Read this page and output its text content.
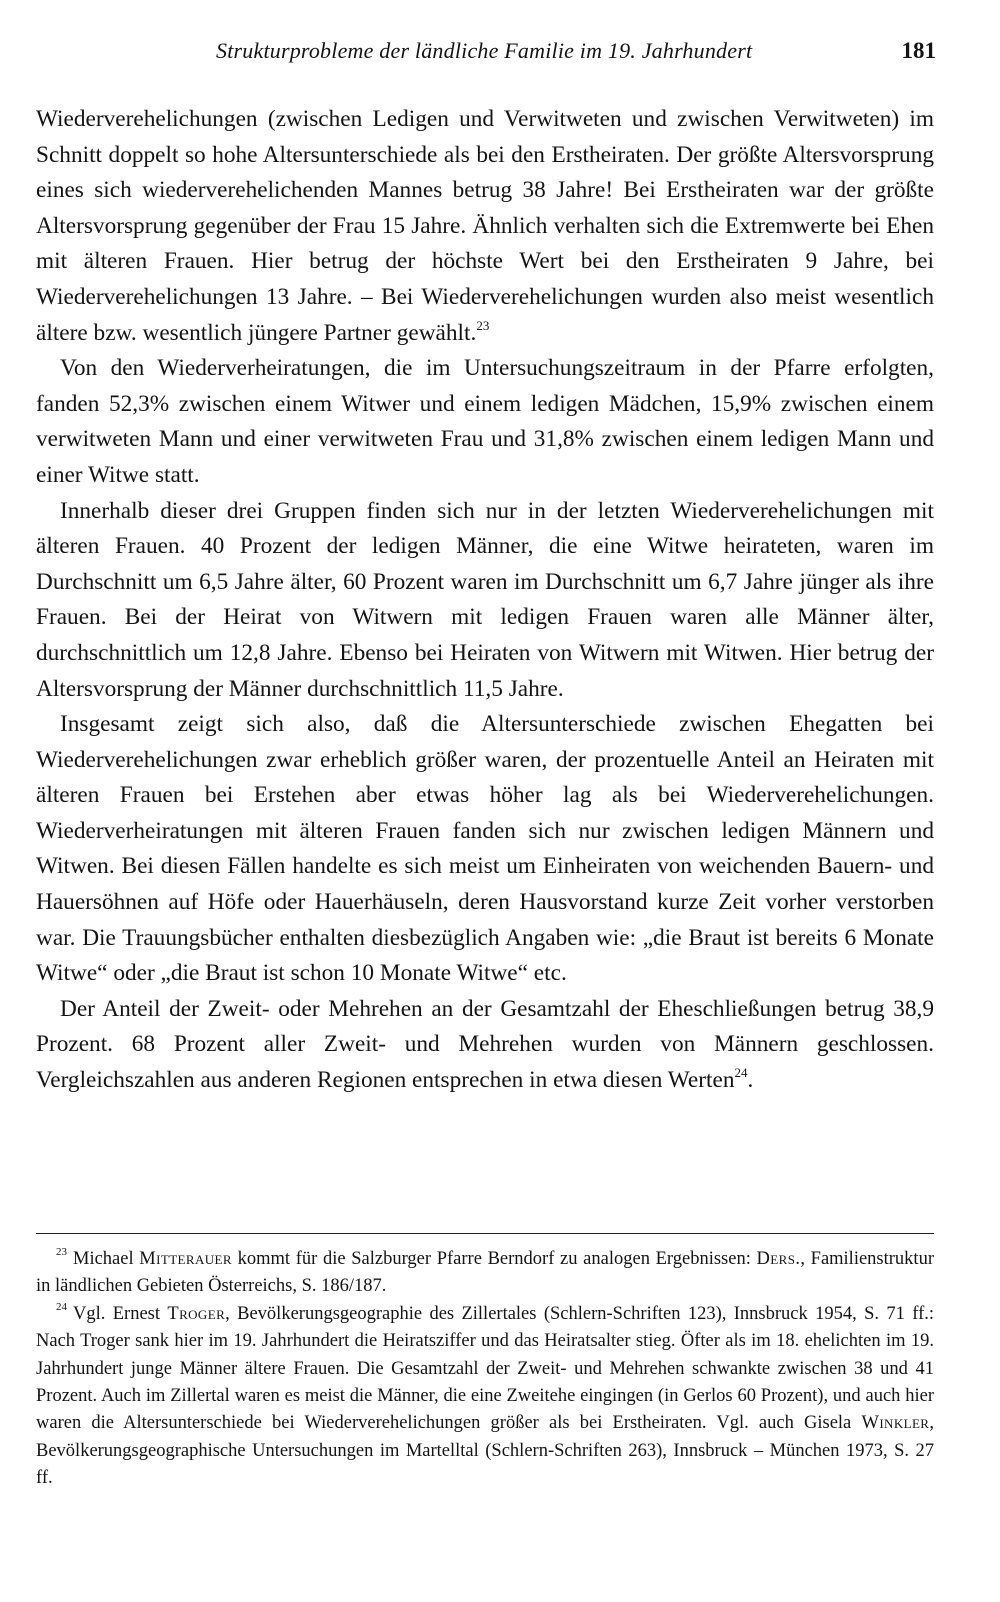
Strukturprobleme der ländliche Familie im 19. Jahrhundert	181

Wiederverehelichungen (zwischen Ledigen und Verwitweten und zwischen Verwitweten) im Schnitt doppelt so hohe Altersunterschiede als bei den Erstheiraten. Der größte Altersvorsprung eines sich wiederverehelichenden Mannes betrug 38 Jahre! Bei Erstheiraten war der größte Altersvorsprung gegenüber der Frau 15 Jahre. Ähnlich verhalten sich die Extremwerte bei Ehen mit älteren Frauen. Hier betrug der höchste Wert bei den Erstheiraten 9 Jahre, bei Wiederverehelichungen 13 Jahre. – Bei Wiederverehelichungen wurden also meist wesentlich ältere bzw. wesentlich jüngere Partner gewählt.$^{23}$

Von den Wiederverheiratungen, die im Untersuchungszeitraum in der Pfarre erfolgten, fanden 52,3% zwischen einem Witwer und einem ledigen Mädchen, 15,9% zwischen einem verwitweten Mann und einer verwitweten Frau und 31,8% zwischen einem ledigen Mann und einer Witwe statt.

Innerhalb dieser drei Gruppen finden sich nur in der letzten Wiederverehelichungen mit älteren Frauen. 40 Prozent der ledigen Männer, die eine Witwe heirateten, waren im Durchschnitt um 6,5 Jahre älter, 60 Prozent waren im Durchschnitt um 6,7 Jahre jünger als ihre Frauen. Bei der Heirat von Witwern mit ledigen Frauen waren alle Männer älter, durchschnittlich um 12,8 Jahre. Ebenso bei Heiraten von Witwern mit Witwen. Hier betrug der Altersvorsprung der Männer durchschnittlich 11,5 Jahre.

Insgesamt zeigt sich also, daß die Altersunterschiede zwischen Ehegatten bei Wiederverehelichungen zwar erheblich größer waren, der prozentuelle Anteil an Heiraten mit älteren Frauen bei Erstehen aber etwas höher lag als bei Wiederverehelichungen. Wiederverheiratungen mit älteren Frauen fanden sich nur zwischen ledigen Männern und Witwen. Bei diesen Fällen handelte es sich meist um Einheiraten von weichenden Bauern- und Hauersöhnen auf Höfe oder Hauerhäuseln, deren Hausvorstand kurze Zeit vorher verstorben war. Die Trauungsbücher enthalten diesbezüglich Angaben wie: „die Braut ist bereits 6 Monate Witwe“ oder „die Braut ist schon 10 Monate Witwe“ etc.

Der Anteil der Zweit- oder Mehrehen an der Gesamtzahl der Eheschließungen betrug 38,9 Prozent. 68 Prozent aller Zweit- und Mehrehen wurden von Männern geschlossen. Vergleichszahlen aus anderen Regionen entsprechen in etwa diesen Werten$^{24}$.

$^{23}$ Michael Mitterauer kommt für die Salzburger Pfarre Berndorf zu analogen Ergebnissen: Ders., Familienstruktur in ländlichen Gebieten Österreichs, S. 186/187.

$^{24}$ Vgl. Ernest Troger, Bevölkerungsgeographie des Zillertales (Schlern-Schriften 123), Innsbruck 1954, S. 71 ff.: Nach Troger sank hier im 19. Jahrhundert die Heiratsziffer und das Heiratsalter stieg. Öfter als im 18. ehelichten im 19. Jahrhundert junge Männer ältere Frauen. Die Gesamtzahl der Zweit- und Mehrehen schwankte zwischen 38 und 41 Prozent. Auch im Zillertal waren es meist die Männer, die eine Zweitehe eingingen (in Gerlos 60 Prozent), und auch hier waren die Altersunterschiede bei Wiederverehelichungen größer als bei Erstheiraten. Vgl. auch Gisela Winkler, Bevölkerungsgeographische Untersuchungen im Martelltal (Schlern-Schriften 263), Innsbruck – München 1973, S. 27 ff.
